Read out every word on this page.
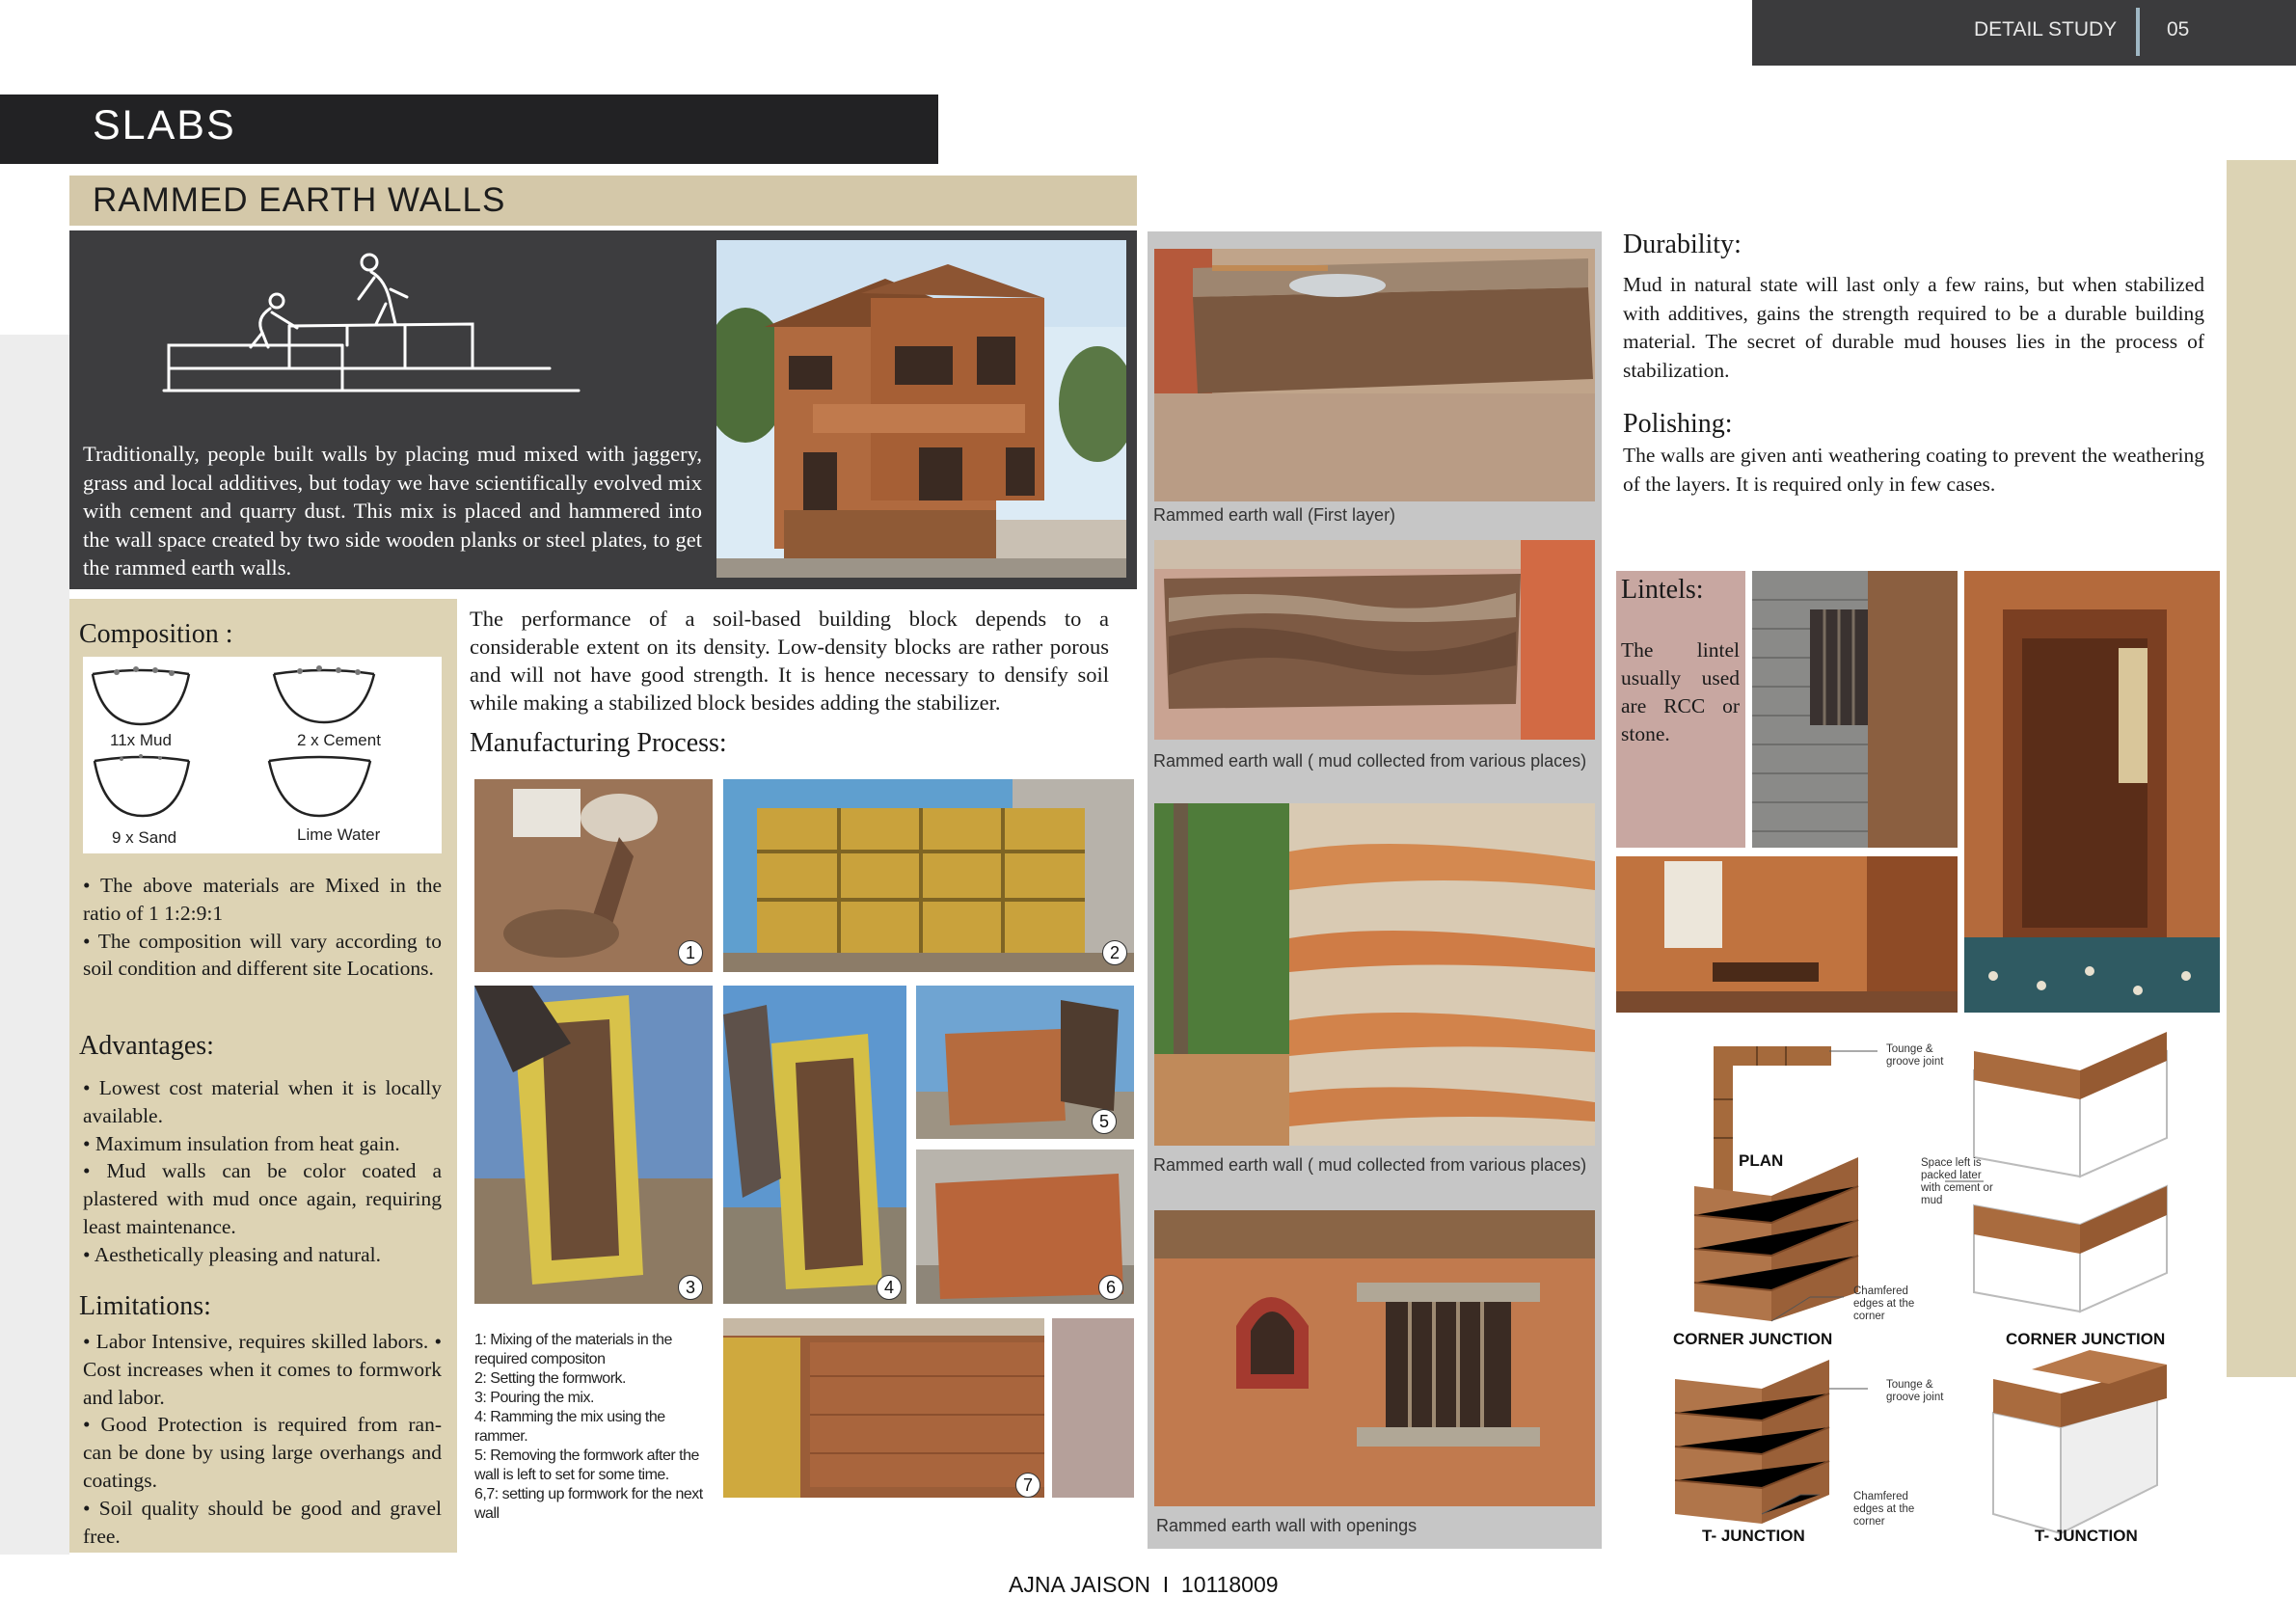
DETAIL STUDY 05
SLABS
RAMMED EARTH WALLS
Traditionally, people built walls by placing mud mixed with jaggery, grass and local additives, but today we have scientifically evolved mix with cement and quarry dust. This mix is placed and hammered into the wall space created by two side wooden planks or steel plates, to get the rammed earth walls.
Composition :
11x Mud	2 x Cement
9 x Sand	Lime Water

• The above materials are Mixed in the ratio of 1 1:2:9:1

• The composition will vary according to soil condition and different site Locations.

Advantages:

• Lowest cost material when it is locally available.

• Maximum insulation from heat gain.

• Mud walls can be color coated a plastered with mud once again, requiring least maintenance.

• Aesthetically pleasing and natural.

Limitations:

• Labor Intensive, requires skilled labors. • Cost increases when it comes to formwork and labor.

• Good Protection is required from ran- can be done by using large overhangs and coatings.

• Soil quality should be good and gravel free.

The performance of a soil-based building block depends to a considerable extent on its density. Low-density blocks are rather porous and will not have good strength. It is hence necessary to densify soil while making a stabilized block besides adding the stabilizer.
Manufacturing Process:
1	2
3	4
5
6
7

1: Mixing of the materials in the required compositon

2: Setting the formwork.

3: Pouring the mix.

4: Ramming the mix using the rammer.

5: Removing the formwork after the wall is left to set for some time.

6,7: setting up formwork for the next wall

Rammed earth wall (First layer)
Rammed earth wall ( mud collected from various places)
Rammed earth wall ( mud collected from various places)
Rammed earth wall with openings
Durability:
Mud in natural state will last only a few rains, but when stabilized with additives, gains the strength required to be a durable building material. The secret of durable mud houses lies in the process of stabilization.
Polishing:
The walls are given anti weathering coating to prevent the weathering of the layers. It is required only in few cases.
Lintels:
The lintel usually used are RCC or stone.
PLAN
CORNER JUNCTION	CORNER JUNCTION
T- JUNCTION	T- JUNCTION
Tounge & groove joint
Space left is packed later with cement or mud
Chamfered edges at the corner
Tounge & groove joint
Chamfered edges at the corner
AJNA JAISON  I  10118009
